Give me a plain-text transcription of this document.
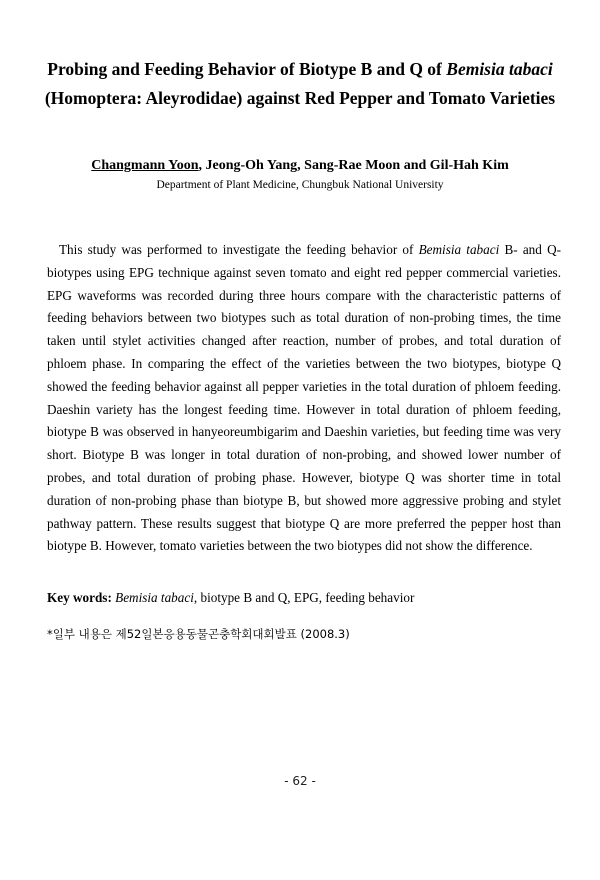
Probing and Feeding Behavior of Biotype B and Q of Bemisia tabaci
(Homoptera: Aleyrodidae) against Red Pepper and Tomato Varieties
Changmann Yoon, Jeong-Oh Yang, Sang-Rae Moon and Gil-Hah Kim
Department of Plant Medicine, Chungbuk National University

This study was performed to investigate the feeding behavior of Bemisia tabaci B- and Q-biotypes using EPG technique against seven tomato and eight red pepper commercial varieties. EPG waveforms was recorded during three hours compare with the characteristic patterns of feeding behaviors between two biotypes such as total duration of non-probing times, the time taken until stylet activities changed after reaction, number of probes, and total duration of phloem phase. In comparing the effect of the varieties between the two biotypes, biotype Q showed the feeding behavior against all pepper varieties in the total duration of phloem feeding. Daeshin variety has the longest feeding time. However in total duration of phloem feeding, biotype B was observed in hanyeoreumbigarim and Daeshin varieties, but feeding time was very short. Biotype B was longer in total duration of non-probing, and showed lower number of probes, and total duration of probing phase. However, biotype Q was shorter time in total duration of non-probing phase than biotype B, but showed more aggressive probing and stylet pathway pattern. These results suggest that biotype Q are more preferred the pepper host than biotype B. However, tomato varieties between the two biotypes did not show the difference.

Key words: Bemisia tabaci, biotype B and Q, EPG, feeding behavior

*일부 내용은 제52일본응용동물곤충학회대회발표 (2008.3)

- 62 -
